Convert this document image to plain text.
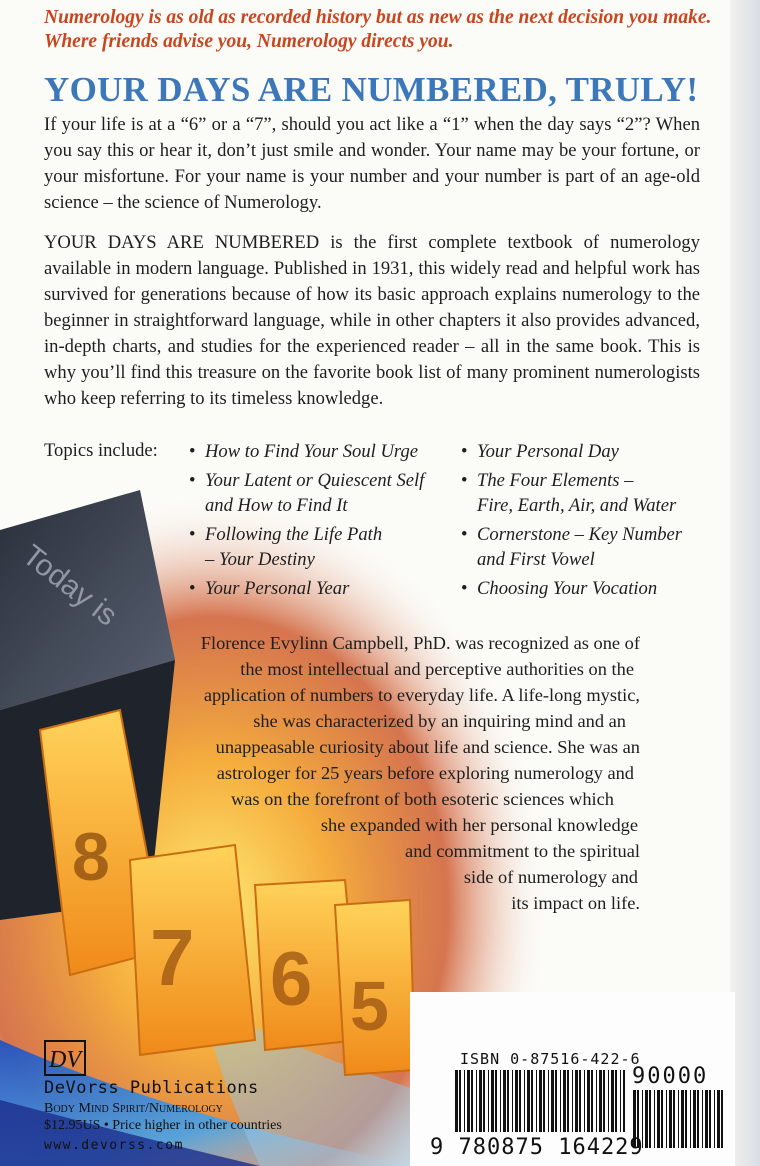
Today is
8
7 6 5

Numerology is as old as recorded history but as new as the next decision you make. Where friends advise you, Numerology directs you.

YOUR DAYS ARE NUMBERED, TRULY!

If your life is at a “6” or a “7”, should you act like a “1” when the day says “2”? When you say this or hear it, don’t just smile and wonder. Your name may be your fortune, or your misfortune. For your name is your number and your number is part of an age-old science – the science of Numerology.

YOUR DAYS ARE NUMBERED is the first complete textbook of numerology available in modern language. Published in 1931, this widely read and helpful work has survived for generations because of how its basic approach explains numerology to the beginner in straightforward language, while in other chapters it also provides advanced, in-depth charts, and studies for the experienced reader – all in the same book. This is why you’ll find this treasure on the favorite book list of many prominent numerologists who keep referring to its timeless knowledge.

Topics include: • How to Find Your Soul Urge
• Your Latent or Quiescent Self
and How to Find It
• Following the Life Path
– Your Destiny
• Your Personal Year
• Your Personal Day
• The Four Elements –
Fire, Earth, Air, and Water
• Cornerstone – Key Number
and First Vowel
• Choosing Your Vocation

Florence Evylinn Campbell, PhD. was recognized as one of

the most intellectual and perceptive authorities on the

application of numbers to everyday life. A life-long mystic,

she was characterized by an inquiring mind and an

unappeasable curiosity about life and science. She was an

astrologer for 25 years before exploring numerology and

was on the forefront of both esoteric sciences which

she expanded with her personal knowledge

and commitment to the spiritual

side of numerology and

its impact on life.

ISBN 0-87516-422-6

90000

9 780875 164229

DV

DeVorss Publications

Body Mind Spirit/Numerology

$12.95US • Price higher in other countries

www.devorss.com
